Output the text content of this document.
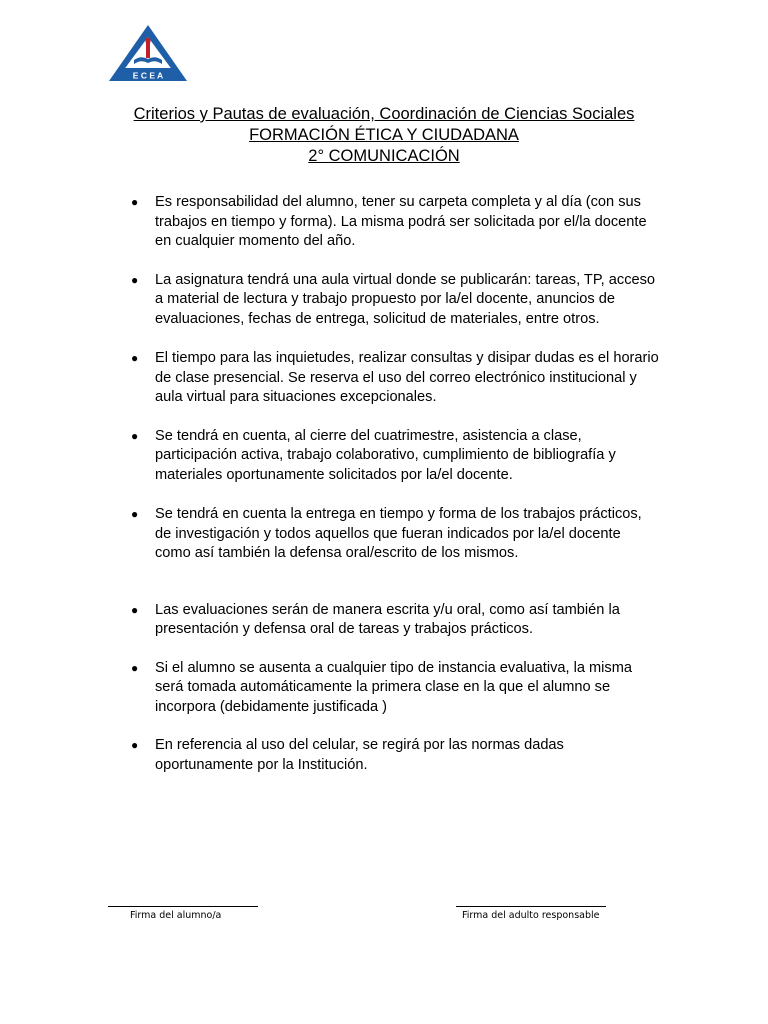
E C E A
Criterios y Pautas de evaluación, Coordinación de Ciencias Sociales
FORMACIÓN ÉTICA Y CIUDADANA
2° COMUNICACIÓN
● Es responsabilidad del alumno, tener su carpeta completa y al día (con sus trabajos en tiempo y forma). La misma podrá ser solicitada por el/la docente en cualquier momento del año.
● La asignatura tendrá una aula virtual donde se publicarán: tareas, TP, acceso a material de lectura y trabajo propuesto por la/el docente, anuncios de evaluaciones, fechas de entrega, solicitud de materiales, entre otros.
● El tiempo para las inquietudes, realizar consultas y disipar dudas es el horario de clase presencial. Se reserva el uso del correo electrónico institucional y aula virtual para situaciones excepcionales.
● Se tendrá en cuenta, al cierre del cuatrimestre, asistencia a clase, participación activa, trabajo colaborativo, cumplimiento de bibliografía y materiales oportunamente solicitados por la/el docente.
● Se tendrá en cuenta la entrega en tiempo y forma de los trabajos prácticos, de investigación y todos aquellos que fueran indicados por la/el docente como así también la defensa oral/escrito de los mismos.
● Las evaluaciones serán de manera escrita y/u oral, como así también la presentación y defensa oral de tareas y trabajos prácticos.
● Si el alumno se ausenta a cualquier tipo de instancia evaluativa, la misma será tomada automáticamente la primera clase en la que el alumno se incorpora (debidamente justificada )
● En referencia al uso del celular, se regirá por las normas dadas oportunamente por la Institución.
Firma del alumno/a	Firma del adulto responsable
